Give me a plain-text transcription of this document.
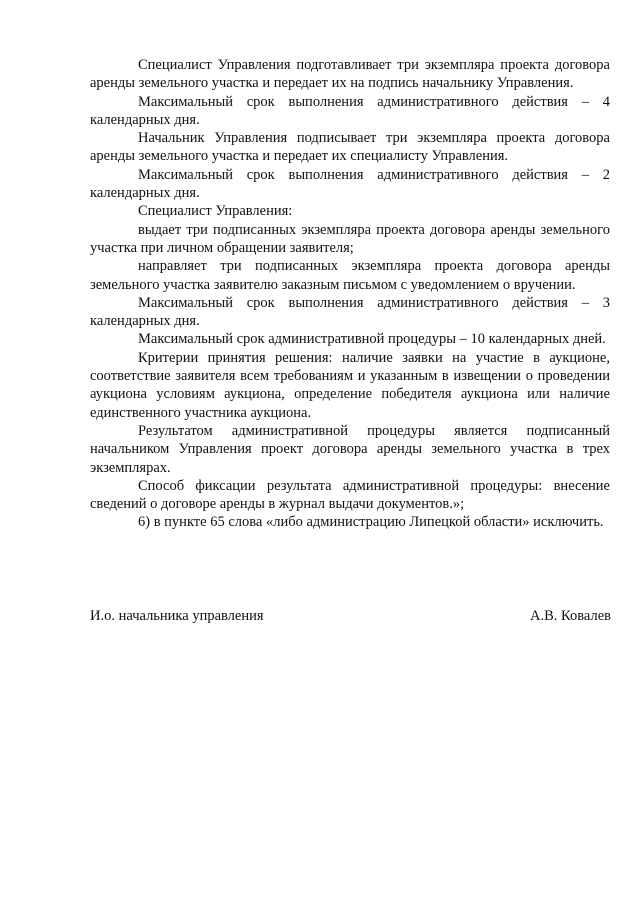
Специалист Управления подготавливает три экземпляра проекта договора аренды земельного участка и передает их на подпись начальнику Управления.

Максимальный срок выполнения административного действия – 4 календарных дня.

Начальник Управления подписывает три экземпляра проекта договора аренды земельного участка и передает их специалисту Управления.

Максимальный срок выполнения административного действия – 2 календарных дня.

Специалист Управления:

выдает три подписанных экземпляра проекта договора аренды земельного участка при личном обращении заявителя;

направляет три подписанных экземпляра проекта договора аренды земельного участка заявителю заказным письмом с уведомлением о вручении.

Максимальный срок выполнения административного действия – 3 календарных дня.

Максимальный срок административной процедуры – 10 календарных дней.

Критерии принятия решения: наличие заявки на участие в аукционе, соответствие заявителя всем требованиям и указанным в извещении о проведении аукциона условиям аукциона, определение победителя аукциона или наличие единственного участника аукциона.

Результатом административной процедуры является подписанный начальником Управления проект договора аренды земельного участка в трех экземплярах.

Способ фиксации результата административной процедуры: внесение сведений о договоре аренды в журнал выдачи документов.»;

6) в пункте 65 слова «либо администрацию Липецкой области» исключить.

И.о. начальника управления	А.В. Ковалев
